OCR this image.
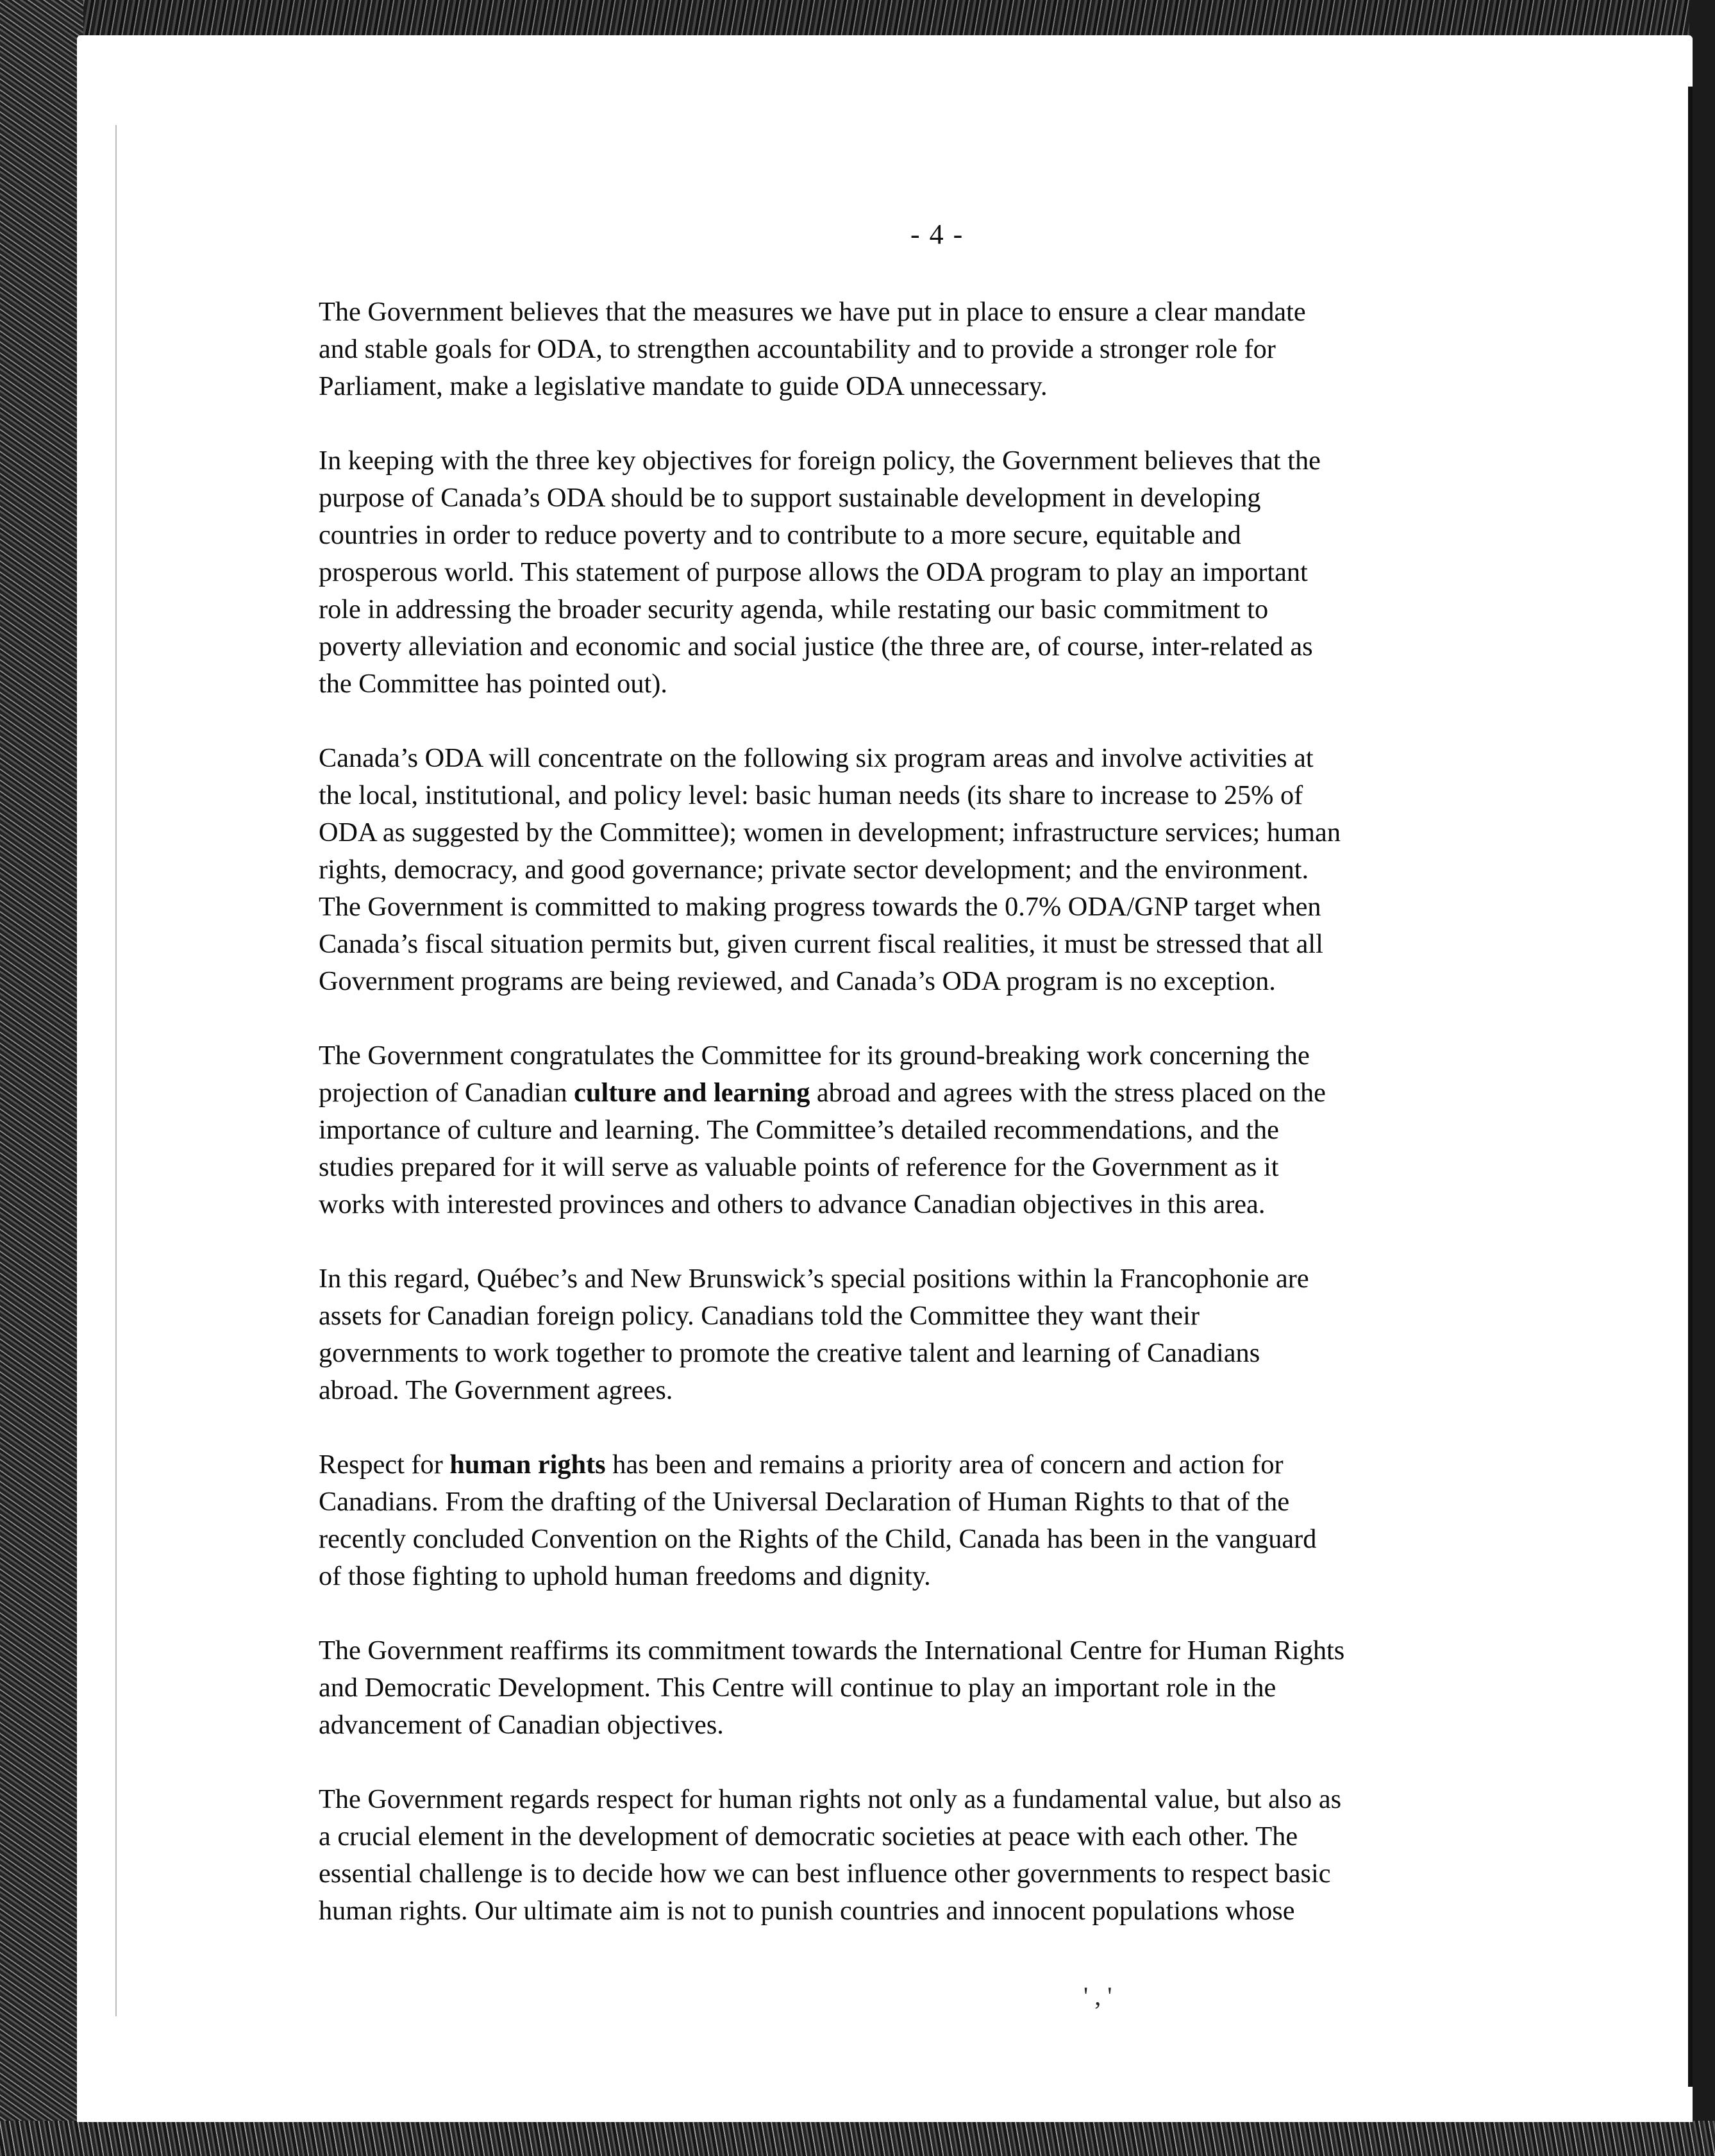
- 4 -
The Government believes that the measures we have put in place to ensure a clear mandate
and stable goals for ODA, to strengthen accountability and to provide a stronger role for
Parliament, make a legislative mandate to guide ODA unnecessary.
In keeping with the three key objectives for foreign policy, the Government believes that the
purpose of Canada’s ODA should be to support sustainable development in developing
countries in order to reduce poverty and to contribute to a more secure, equitable and
prosperous world. This statement of purpose allows the ODA program to play an important
role in addressing the broader security agenda, while restating our basic commitment to
poverty alleviation and economic and social justice (the three are, of course, inter-related as
the Committee has pointed out).
Canada’s ODA will concentrate on the following six program areas and involve activities at
the local, institutional, and policy level: basic human needs (its share to increase to 25% of
ODA as suggested by the Committee); women in development; infrastructure services; human
rights, democracy, and good governance; private sector development; and the environment.
The Government is committed to making progress towards the 0.7% ODA/GNP target when
Canada’s fiscal situation permits but, given current fiscal realities, it must be stressed that all
Government programs are being reviewed, and Canada’s ODA program is no exception.
The Government congratulates the Committee for its ground-breaking work concerning the
projection of Canadian culture and learning abroad and agrees with the stress placed on the
importance of culture and learning. The Committee’s detailed recommendations, and the
studies prepared for it will serve as valuable points of reference for the Government as it
works with interested provinces and others to advance Canadian objectives in this area.
In this regard, Québec’s and New Brunswick’s special positions within la Francophonie are
assets for Canadian foreign policy. Canadians told the Committee they want their
governments to work together to promote the creative talent and learning of Canadians
abroad. The Government agrees.
Respect for human rights has been and remains a priority area of concern and action for
Canadians. From the drafting of the Universal Declaration of Human Rights to that of the
recently concluded Convention on the Rights of the Child, Canada has been in the vanguard
of those fighting to uphold human freedoms and dignity.
The Government reaffirms its commitment towards the International Centre for Human Rights
and Democratic Development. This Centre will continue to play an important role in the
advancement of Canadian objectives.
The Government regards respect for human rights not only as a fundamental value, but also as
a crucial element in the development of democratic societies at peace with each other. The
essential challenge is to decide how we can best influence other governments to respect basic
human rights. Our ultimate aim is not to punish countries and innocent populations whose
' , '
